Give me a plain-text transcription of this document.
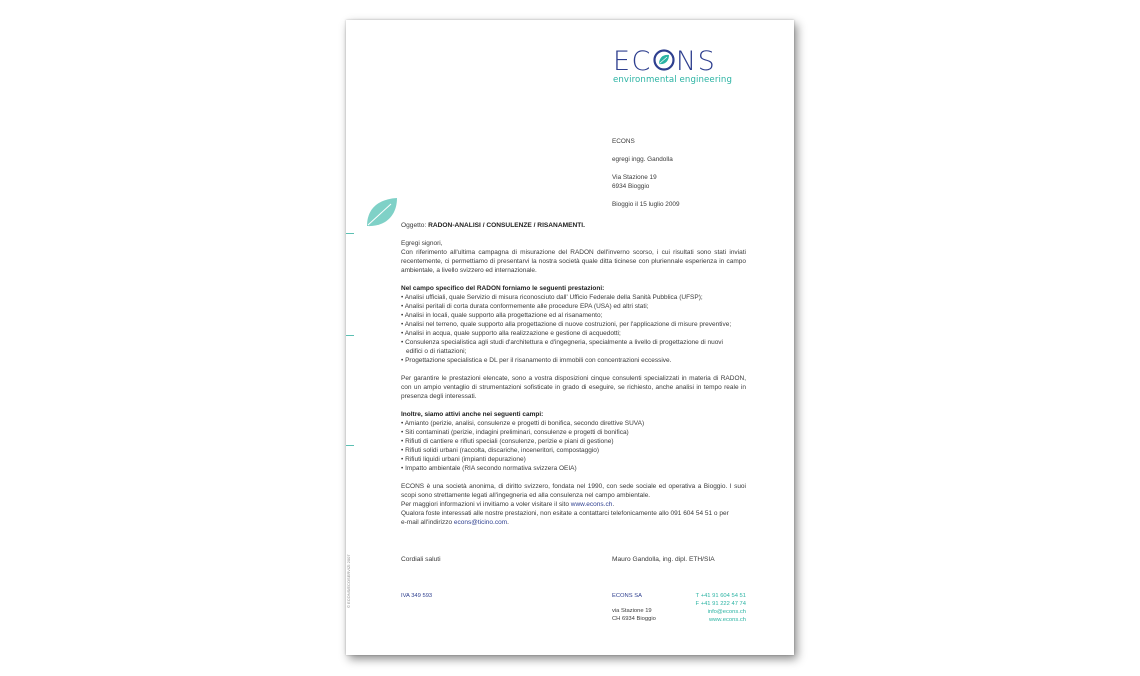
EC NS
environmental engineering
© ECONS/ECOSERVIZI 2007
ECONS
egregi ingg. Gandolla
Via Stazione 19
6934 Bioggio
Bioggio il 15 luglio 2009
Oggetto: RADON-ANALISI / CONSULENZE / RISANAMENTI.

Egregi signori,

Con riferimento all'ultima campagna di misurazione del RADON dell'inverno scorso, i cui risultati sono stati inviati recentemente, ci permettiamo di presentarvi la nostra società quale ditta ticinese con pluriennale esperienza in campo ambientale, a livello svizzero ed internazionale.

Nel campo specifico del RADON forniamo le seguenti prestazioni:

• Analisi ufficiali, quale Servizio di misura riconosciuto dall' Ufficio Federale della Sanità Pubblica (UFSP);

• Analisi peritali di corta durata conformemente alle procedure EPA (USA) ed altri stati;

• Analisi in locali, quale supporto alla progettazione ed al risanamento;

• Analisi nel terreno, quale supporto alla progettazione di nuove costruzioni, per l'applicazione di misure preventive;

• Analisi in acqua, quale supporto alla realizzazione e gestione di acquedotti;

• Consulenza specialistica agli studi d'architettura e d'ingegneria, specialmente a livello di progettazione di nuovi

edifici o di riattazioni;

• Progettazione specialistica e DL per il risanamento di immobili con concentrazioni eccessive.

Per garantire le prestazioni elencate, sono a vostra disposizioni cinque consulenti specializzati in materia di RADON, con un ampio ventaglio di strumentazioni sofisticate in grado di eseguire, se richiesto, anche analisi in tempo reale in presenza degli interessati.

Inoltre, siamo attivi anche nei seguenti campi:

• Amianto (perizie, analisi, consulenze e progetti di bonifica, secondo direttive SUVA)

• Siti contaminati (perizie, indagini preliminari, consulenze e progetti di bonifica)

• Rifiuti di cantiere e rifiuti speciali (consulenze, perizie e piani di gestione)

• Rifiuti solidi urbani (raccolta, discariche, inceneritori, compostaggio)

• Rifiuti liquidi urbani (impianti depurazione)

• Impatto ambientale (RIA secondo normativa svizzera OEIA)

ECONS è una società anonima, di diritto svizzero, fondata nel 1990, con sede sociale ed operativa a Bioggio. I suoi scopi sono strettamente legati all'ingegneria ed alla consulenza nel campo ambientale.

Per maggiori informazioni vi invitiamo a voler visitare il sito www.econs.ch.

Qualora foste interessati alle nostre prestazioni, non esitate a contattarci telefonicamente allo 091 604 54 51 o per

e-mail all'indirizzo econs@ticino.com.

Cordiali saluti	Mauro Gandolla, ing. dipl. ETH/SIA
IVA 349 593	ECONS SA
via Stazione 19
CH 6934 Bioggio
T +41 91 604 54 51
F +41 91 222 47 74
info@econs.ch
www.econs.ch
